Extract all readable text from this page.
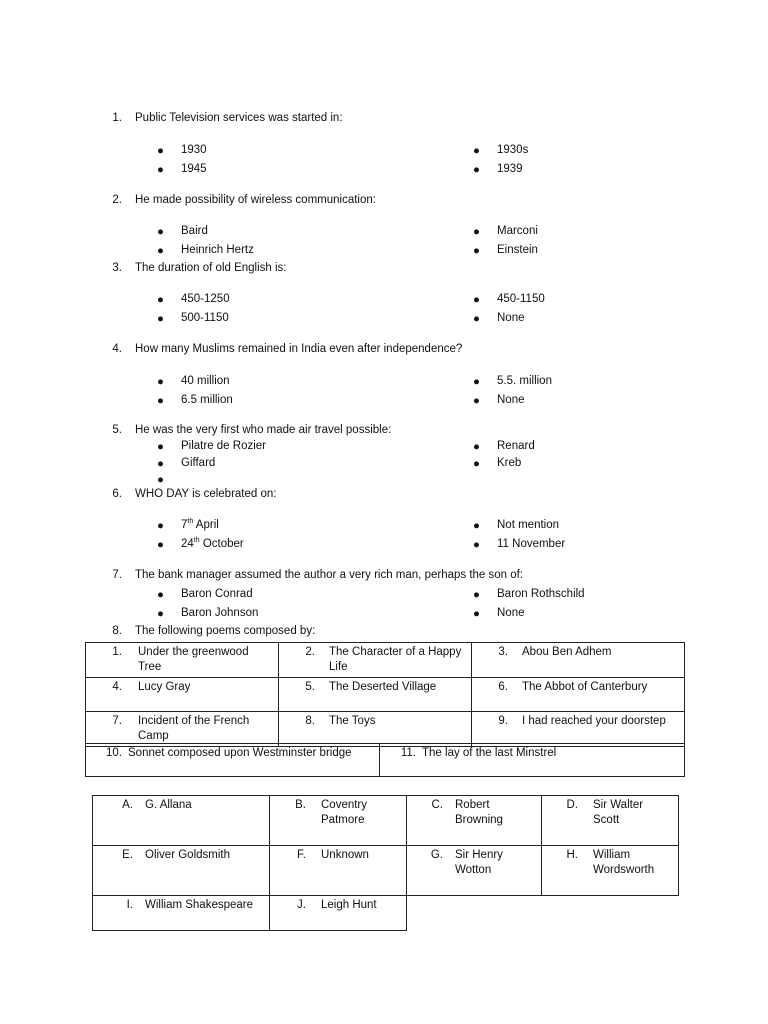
1. Public Television services was started in:
2. He made possibility of wireless communication:
3. The duration of old English is:
4. How many Muslims remained in India even after independence?
5. He was the very first who made air travel possible:
6. WHO DAY is celebrated on:
7. The bank manager assumed the author a very rich man, perhaps the son of:
8. The following poems composed by:
● 1930
● 1945
● 1930s
● 1939
● Baird
● Heinrich Hertz
● Marconi
● Einstein
● 450-1250
● 500-1150
● 450-1150
● None
● 40 million
● 6.5 million
● 5.5. million
● None
● Pilatre de Rozier
● Giffard
●
● Renard
● Kreb
● 7th April
● 24th October
● Not mention
● 11 November
● Baron Conrad
● Baron Johnson
● Baron Rothschild
● None
1. Under the greenwood Tree	2. The Character of a Happy Life	3. Abou Ben Adhem

4. Lucy Gray	5. The Deserted Village	6. The Abbot of Canterbury

7. Incident of the French Camp	8. The Toys	9. I had reached your doorstep
10. Sonnet composed upon Westminster bridge	11. The lay of the last Minstrel
A. G. Allana	B. Coventry Patmore	C. Robert Browning	D. Sir Walter Scott

E. Oliver Goldsmith	F. Unknown	G. Sir Henry Wotton	H. William Wordsworth

I. William Shakespeare	J. Leigh Hunt		
